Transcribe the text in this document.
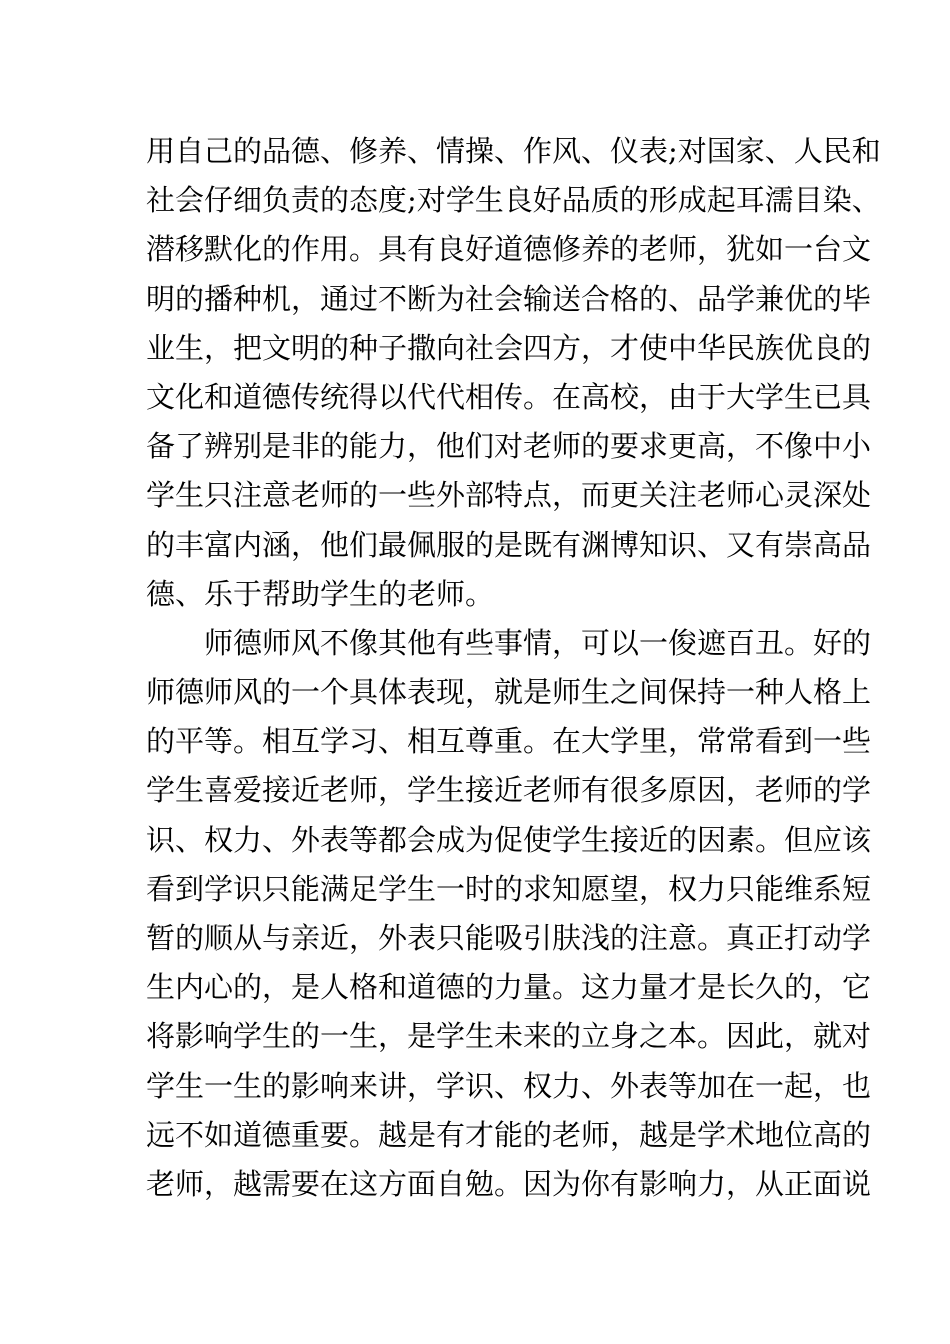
用自己的品德、修养、情操、作风、仪表;对国家、人民和
社会仔细负责的态度;对学生良好品质的形成起耳濡目染、
潜移默化的作用。具有良好道德修养的老师，犹如一台文
明的播种机，通过不断为社会输送合格的、品学兼优的毕
业生，把文明的种子撒向社会四方，才使中华民族优良的
文化和道德传统得以代代相传。在高校，由于大学生已具
备了辨别是非的能力，他们对老师的要求更高，不像中小
学生只注意老师的一些外部特点，而更关注老师心灵深处
的丰富内涵，他们最佩服的是既有渊博知识、又有崇高品
德、乐于帮助学生的老师。
师德师风不像其他有些事情，可以一俊遮百丑。好的
师德师风的一个具体表现，就是师生之间保持一种人格上
的平等。相互学习、相互尊重。在大学里，常常看到一些
学生喜爱接近老师，学生接近老师有很多原因，老师的学
识、权力、外表等都会成为促使学生接近的因素。但应该
看到学识只能满足学生一时的求知愿望，权力只能维系短
暂的顺从与亲近，外表只能吸引肤浅的注意。真正打动学
生内心的，是人格和道德的力量。这力量才是长久的，它
将影响学生的一生，是学生未来的立身之本。因此，就对
学生一生的影响来讲，学识、权力、外表等加在一起，也
远不如道德重要。越是有才能的老师，越是学术地位高的
老师，越需要在这方面自勉。因为你有影响力，从正面说
